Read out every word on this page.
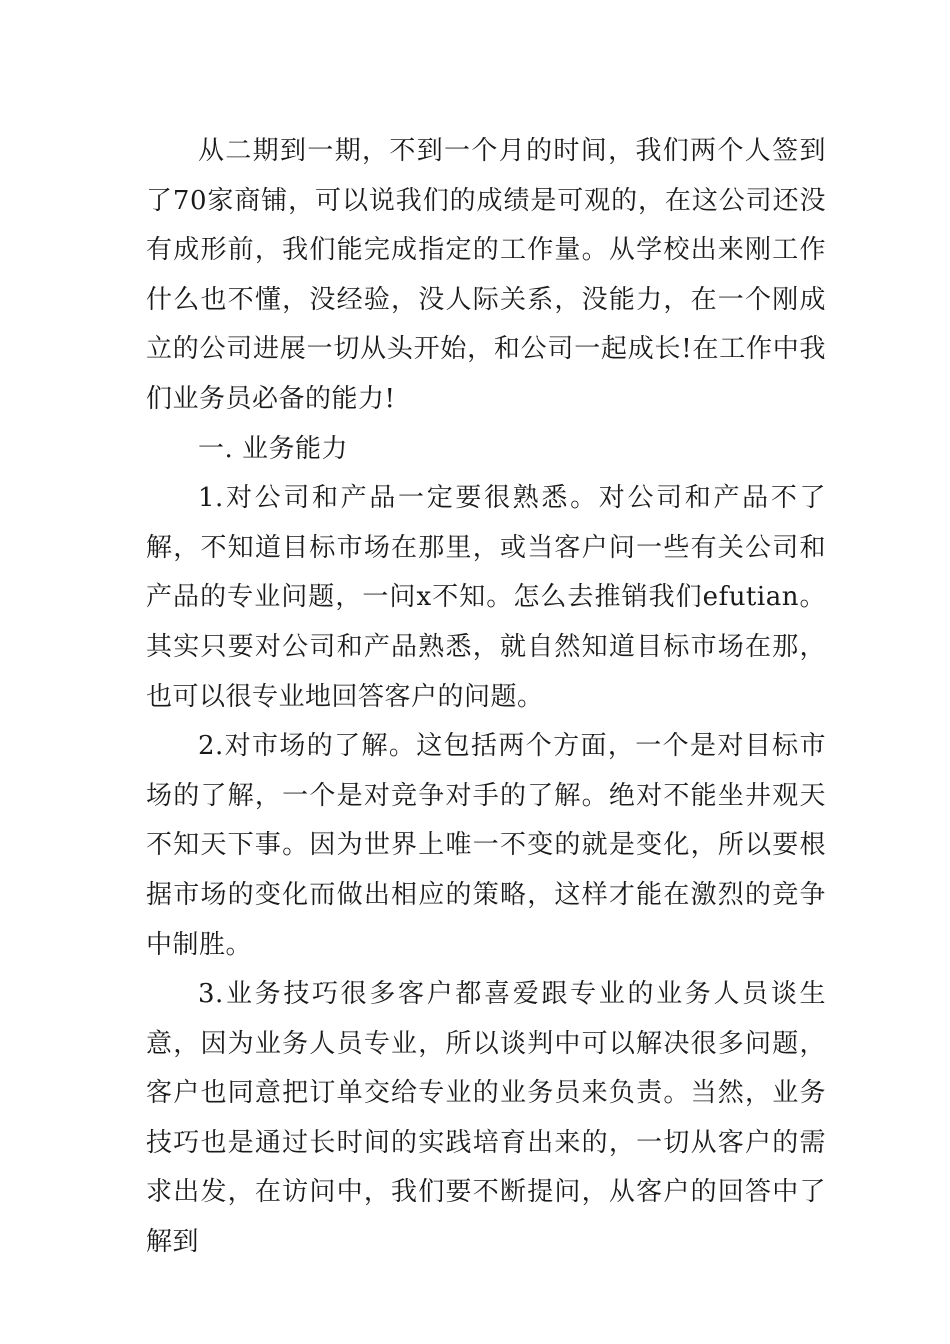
从二期到一期，不到一个月的时间，我们两个人签到了70家商铺，可以说我们的成绩是可观的，在这公司还没有成形前，我们能完成指定的工作量。从学校出来刚工作什么也不懂，没经验，没人际关系，没能力，在一个刚成立的公司进展一切从头开始，和公司一起成长!在工作中我们业务员必备的能力!

一. 业务能力

1.对公司和产品一定要很熟悉。对公司和产品不了解，不知道目标市场在那里，或当客户问一些有关公司和产品的专业问题，一问x不知。怎么去推销我们efutian。其实只要对公司和产品熟悉，就自然知道目标市场在那，也可以很专业地回答客户的问题。

2.对市场的了解。这包括两个方面，一个是对目标市场的了解，一个是对竞争对手的了解。绝对不能坐井观天不知天下事。因为世界上唯一不变的就是变化，所以要根据市场的变化而做出相应的策略，这样才能在激烈的竞争中制胜。

3.业务技巧很多客户都喜爱跟专业的业务人员谈生意，因为业务人员专业，所以谈判中可以解决很多问题，客户也同意把订单交给专业的业务员来负责。当然，业务技巧也是通过长时间的实践培育出来的，一切从客户的需求出发，在访问中，我们要不断提问，从客户的回答中了解到
